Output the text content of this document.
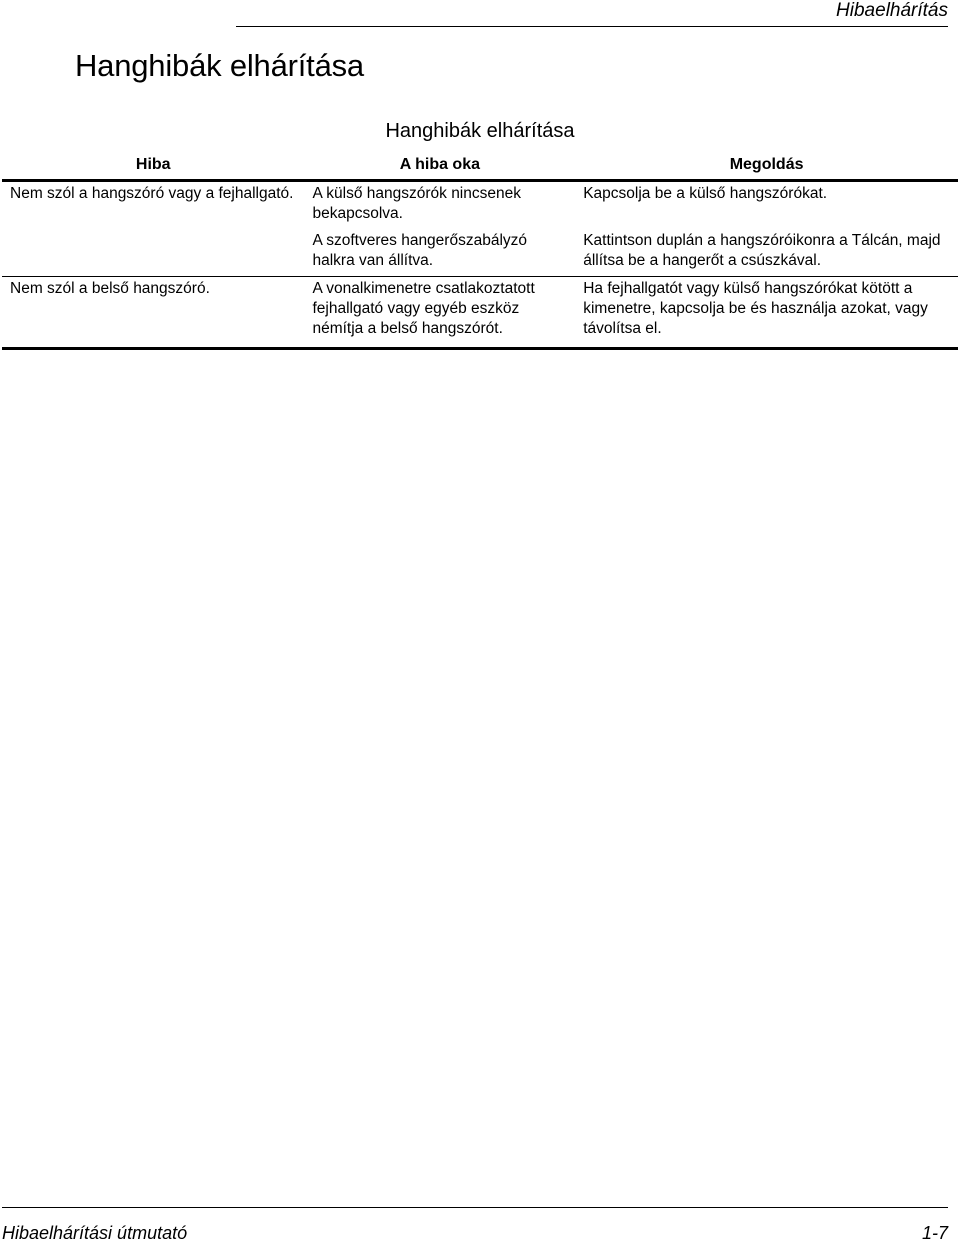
Hibaelhárítás
Hanghibák elhárítása
Hanghibák elhárítása
Hiba	A hiba oka	Megoldás
Nem szól a hangszóró vagy a fejhallgató.	A külső hangszórók nincsenek bekapcsolva.	Kapcsolja be a külső hangszórókat.
	A szoftveres hangerőszabályzó halkra van állítva.	Kattintson duplán a hangszóróikonra a Tálcán, majd állítsa be a hangerőt a csúszkával.
Nem szól a belső hangszóró.	A vonalkimenetre csatlakoztatott fejhallgató vagy egyéb eszköz némítja a belső hangszórót.	Ha fejhallgatót vagy külső hangszórókat kötött a kimenetre, kapcsolja be és használja azokat, vagy távolítsa el.
Hibaelhárítási útmutató	1-7
